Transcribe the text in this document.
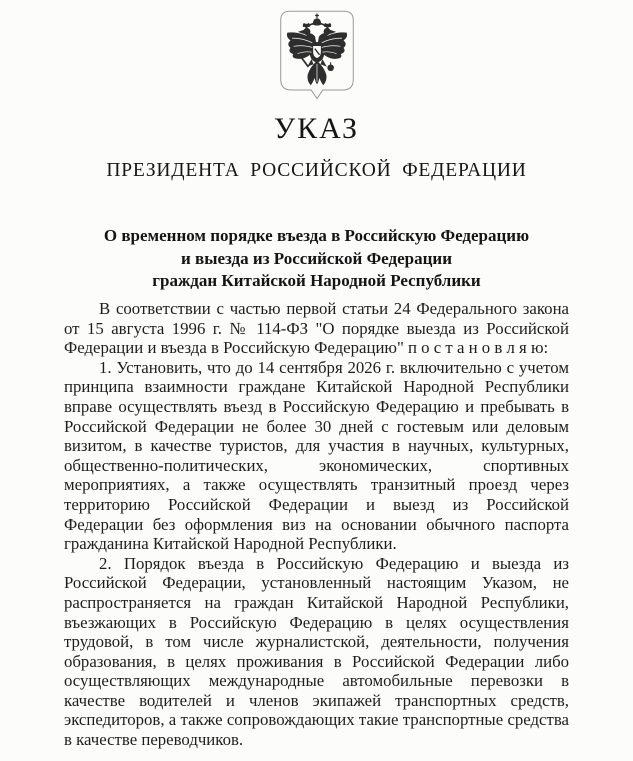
УКАЗ
ПРЕЗИДЕНТА РОССИЙСКОЙ ФЕДЕРАЦИИ
О временном порядке въезда в Российскую Федерацию
и выезда из Российской Федерации
граждан Китайской Народной Республики

В соответствии с частью первой статьи 24 Федерального закона от 15 августа 1996 г. № 114-ФЗ "О порядке выезда из Российской Федерации и въезда в Российскую Федерацию" п о с т а н о в л я ю:

1. Установить, что до 14 сентября 2026 г. включительно с учетом принципа взаимности граждане Китайской Народной Республики вправе осуществлять въезд в Российскую Федерацию и пребывать в Российской Федерации не более 30 дней с гостевым или деловым визитом, в качестве туристов, для участия в научных, культурных, общественно-политических, экономических, спортивных мероприятиях, а также осуществлять транзитный проезд через территорию Российской Федерации и выезд из Российской Федерации без оформления виз на основании обычного паспорта гражданина Китайской Народной Республики.

2. Порядок въезда в Российскую Федерацию и выезда из Российской Федерации, установленный настоящим Указом, не распространяется на граждан Китайской Народной Республики, въезжающих в Российскую Федерацию в целях осуществления трудовой, в том числе журналистской, деятельности, получения образования, в целях проживания в Российской Федерации либо осуществляющих международные автомобильные перевозки в качестве водителей и членов экипажей транспортных средств, экспедиторов, а также сопровождающих такие транспортные средства в качестве переводчиков.
